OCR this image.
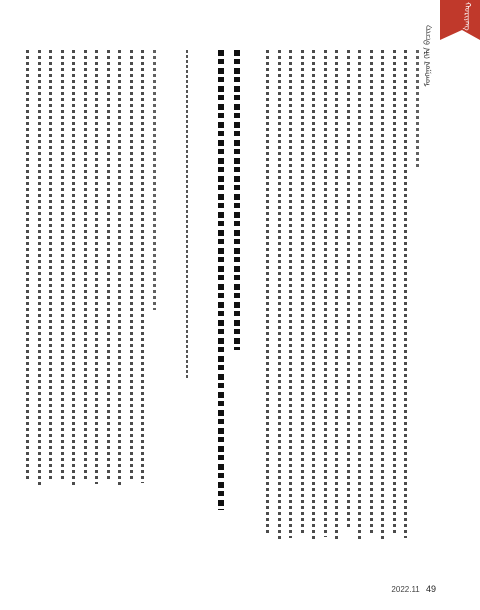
ᠬᠣᠷᠢᠶᠠᠩ
ᠮᠣᠩᠭᠣᠯ ᠬᠡᠯᠡ ᠪᠢᠴᠢᠭ

2022.11 49
